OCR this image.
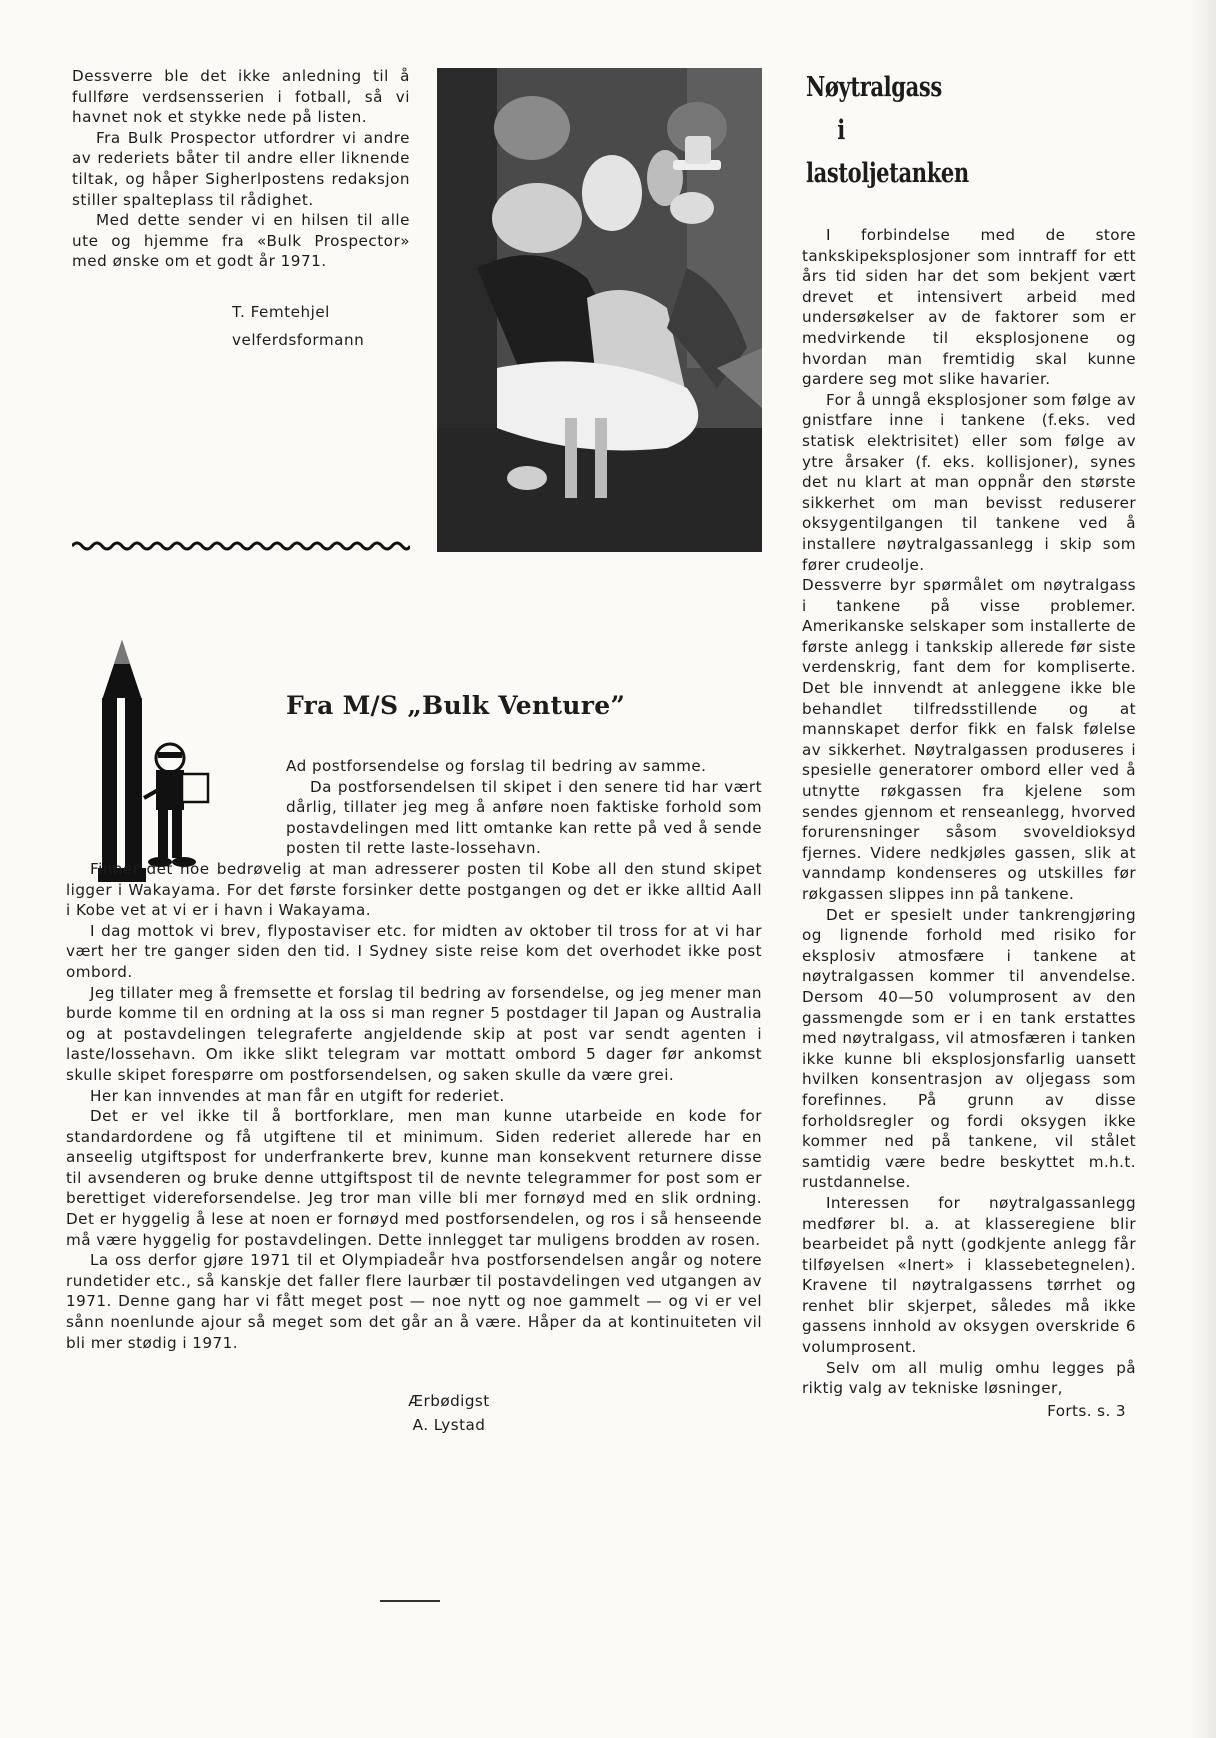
Dessverre ble det ikke anledning til å fullføre verdsensserien i fotball, så vi havnet nok et stykke nede på listen.

Fra Bulk Prospector utfordrer vi andre av rederiets båter til andre eller liknende tiltak, og håper Sigherlpostens redaksjon stiller spalteplass til rådighet.

Med dette sender vi en hilsen til alle ute og hjemme fra «Bulk Prospector» med ønske om et godt år 1971.

T. Femtehjel
velferdsformann
Nøytralgass
i
lastoljetanken

I forbindelse med de store tankskipeksplosjoner som inntraff for ett års tid siden har det som bekjent vært drevet et intensivert arbeid med undersøkelser av de faktorer som er medvirkende til eksplosjonene og hvordan man fremtidig skal kunne gardere seg mot slike havarier.

For å unngå eksplosjoner som følge av gnistfare inne i tankene (f.eks. ved statisk elektrisitet) eller som følge av ytre årsaker (f. eks. kollisjoner), synes det nu klart at man oppnår den største sikkerhet om man bevisst reduserer oksygentilgangen til tankene ved å installere nøytralgassanlegg i skip som fører crudeolje.

Dessverre byr spørmålet om nøytralgass i tankene på visse problemer. Amerikanske selskaper som installerte de første anlegg i tankskip allerede før siste verdenskrig, fant dem for kompliserte. Det ble innvendt at anleggene ikke ble behandlet tilfredsstillende og at mannskapet derfor fikk en falsk følelse av sikkerhet. Nøytralgassen produseres i spesielle generatorer ombord eller ved å utnytte røkgassen fra kjelene som sendes gjennom et renseanlegg, hvorved forurensninger såsom svoveldioksyd fjernes. Videre nedkjøles gassen, slik at vanndamp kondenseres og utskilles før røkgassen slippes inn på tankene.

Det er spesielt under tankrengjøring og lignende forhold med risiko for eksplosiv atmosfære i tankene at nøytralgassen kommer til anvendelse. Dersom 40—50 volumprosent av den gassmengde som er i en tank erstattes med nøytralgass, vil atmosfæren i tanken ikke kunne bli eksplosjonsfarlig uansett hvilken konsentrasjon av oljegass som forefinnes. På grunn av disse forholdsregler og fordi oksygen ikke kommer ned på tankene, vil stålet samtidig være bedre beskyttet m.h.t. rustdannelse.

Interessen for nøytralgassanlegg medfører bl. a. at klasseregiene blir bearbeidet på nytt (godkjente anlegg får tilføyelsen «Inert» i klassebetegnelen). Kravene til nøytralgassens tørrhet og renhet blir skjerpet, således må ikke gassens innhold av oksygen overskride 6 volumprosent.

Selv om all mulig omhu legges på riktig valg av tekniske løsninger,

Forts. s. 3
Fra M/S „Bulk Venture”

Ad postforsendelse og forslag til bedring av samme.

Da postforsendelsen til skipet i den senere tid har vært dårlig, tillater jeg meg å anføre noen faktiske forhold som postavdelingen med litt omtanke kan rette på ved å sende posten til rette laste-lossehavn.

Finner det noe bedrøvelig at man adresserer posten til Kobe all den stund skipet ligger i Wakayama. For det første forsinker dette postgangen og det er ikke alltid Aall i Kobe vet at vi er i havn i Wakayama.

I dag mottok vi brev, flypostaviser etc. for midten av oktober til tross for at vi har vært her tre ganger siden den tid. I Sydney siste reise kom det overhodet ikke post ombord.

Jeg tillater meg å fremsette et forslag til bedring av forsendelse, og jeg mener man burde komme til en ordning at la oss si man regner 5 postdager til Japan og Australia og at postavdelingen telegraferte angjeldende skip at post var sendt agenten i laste/lossehavn. Om ikke slikt telegram var mottatt ombord 5 dager før ankomst skulle skipet forespørre om postforsendelsen, og saken skulle da være grei.

Her kan innvendes at man får en utgift for rederiet.

Det er vel ikke til å bortforklare, men man kunne utarbeide en kode for standardordene og få utgiftene til et minimum. Siden rederiet allerede har en anseelig utgiftspost for underfrankerte brev, kunne man konsekvent returnere disse til avsenderen og bruke denne uttgiftspost til de nevnte telegrammer for post som er berettiget videreforsendelse. Jeg tror man ville bli mer fornøyd med en slik ordning. Det er hyggelig å lese at noen er fornøyd med postforsendelen, og ros i så henseende må være hyggelig for postavdelingen. Dette innlegget tar muligens brodden av rosen.

La oss derfor gjøre 1971 til et Olympiadeår hva postforsendelsen angår og notere rundetider etc., så kanskje det faller flere laurbær til postavdelingen ved utgangen av 1971. Denne gang har vi fått meget post — noe nytt og noe gammelt — og vi er vel sånn noenlunde ajour så meget som det går an å være. Håper da at kontinuiteten vil bli mer stødig i 1971.

Ærbødigst
A. Lystad
